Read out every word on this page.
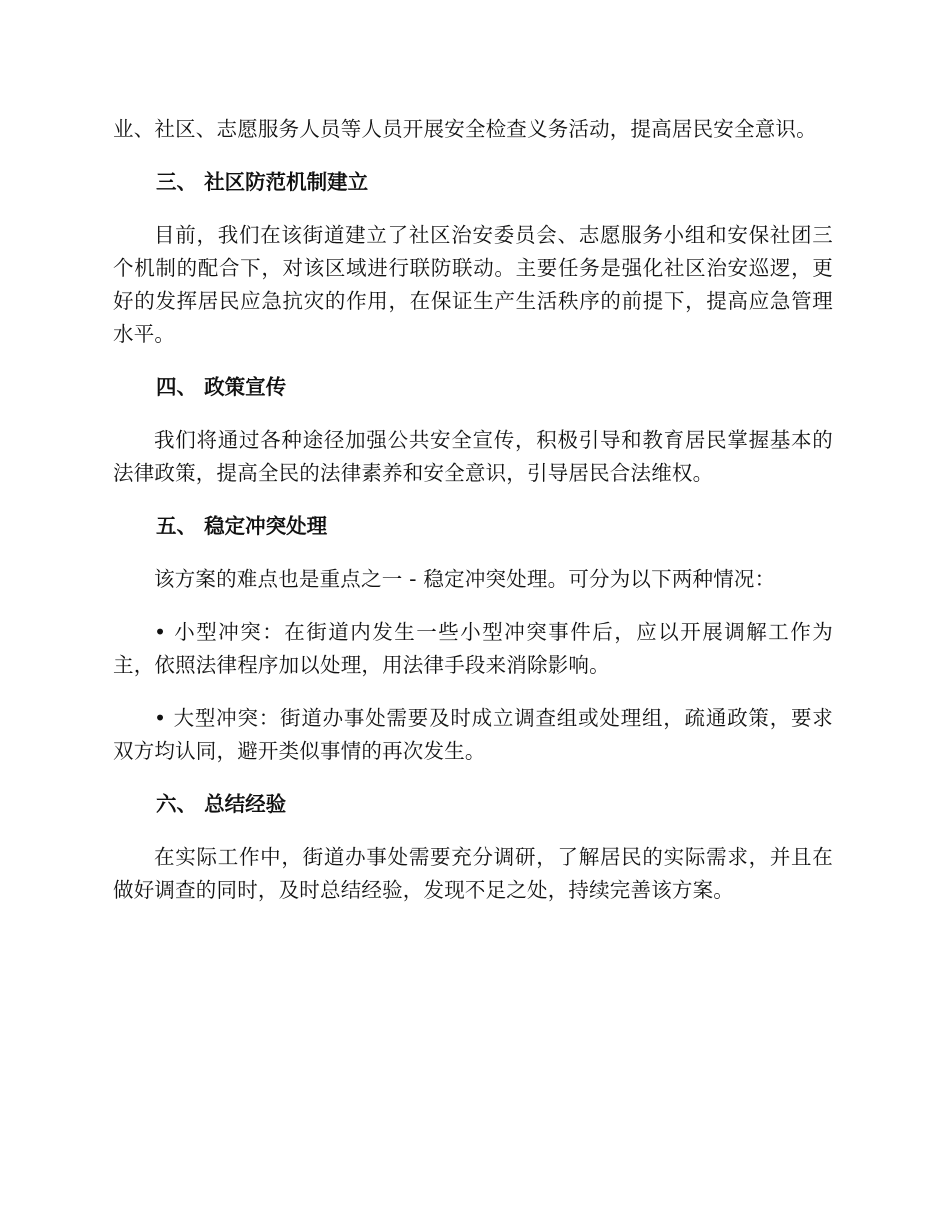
业、社区、志愿服务人员等人员开展安全检查义务活动，提高居民安全意识。

三、 社区防范机制建立

目前，我们在该街道建立了社区治安委员会、志愿服务小组和安保社团三个机制的配合下，对该区域进行联防联动。主要任务是强化社区治安巡逻，更好的发挥居民应急抗灾的作用，在保证生产生活秩序的前提下，提高应急管理水平。

四、 政策宣传

我们将通过各种途径加强公共安全宣传，积极引导和教育居民掌握基本的法律政策，提高全民的法律素养和安全意识，引导居民合法维权。

五、 稳定冲突处理

该方案的难点也是重点之一 - 稳定冲突处理。可分为以下两种情况：

• 小型冲突：在街道内发生一些小型冲突事件后，应以开展调解工作为主，依照法律程序加以处理，用法律手段来消除影响。

• 大型冲突：街道办事处需要及时成立调查组或处理组，疏通政策，要求双方均认同，避开类似事情的再次发生。

六、 总结经验

在实际工作中，街道办事处需要充分调研，了解居民的实际需求，并且在做好调查的同时，及时总结经验，发现不足之处，持续完善该方案。
